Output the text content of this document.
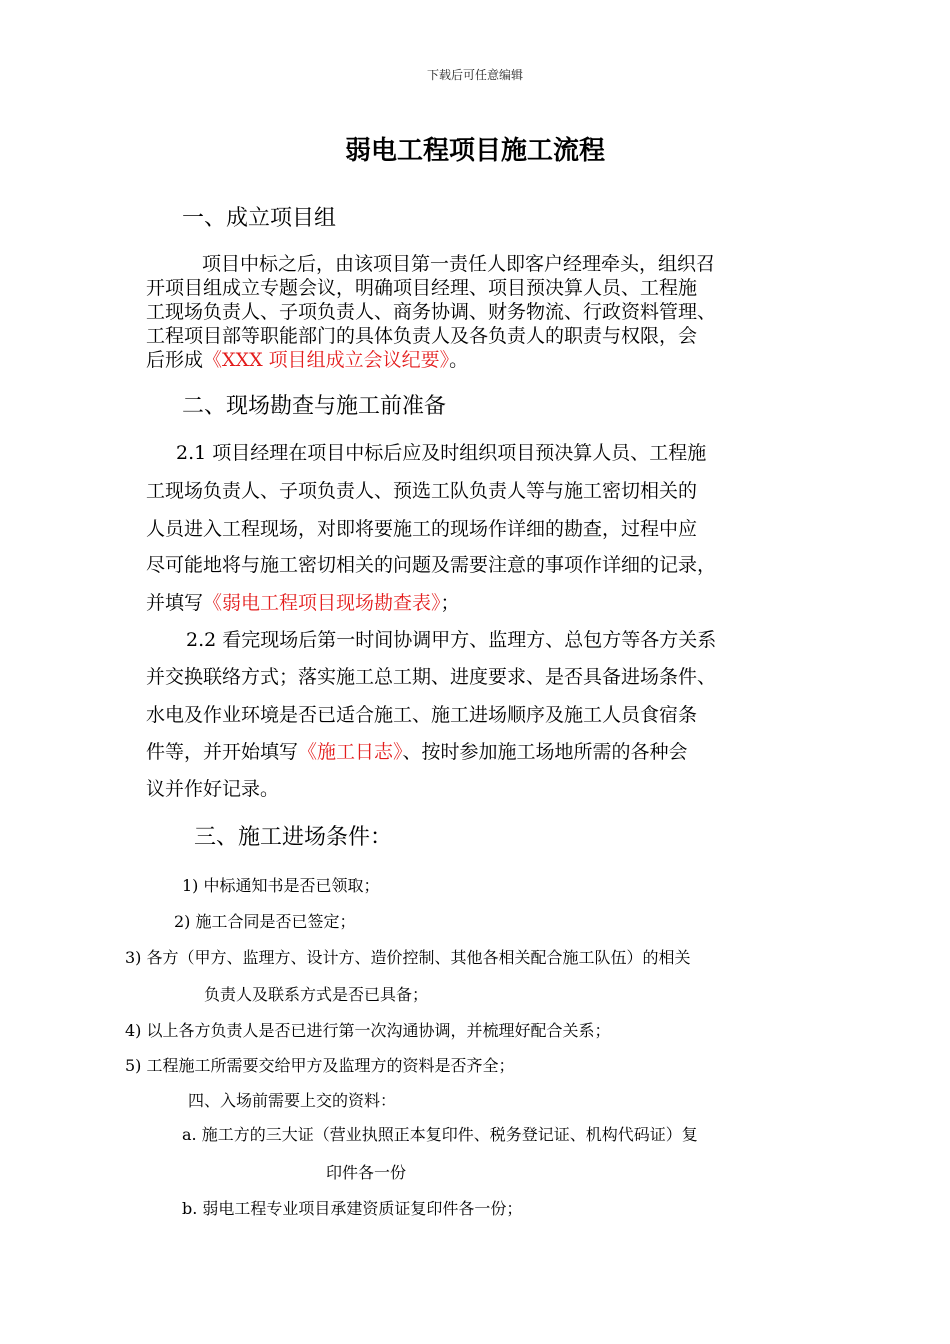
下载后可任意编辑
弱电工程项目施工流程
一、成立项目组
项目中标之后，由该项目第一责任人即客户经理牵头，组织召
开项目组成立专题会议，明确项目经理、项目预决算人员、工程施
工现场负责人、子项负责人、商务协调、财务物流、行政资料管理、
工程项目部等职能部门的具体负责人及各负责人的职责与权限，会
后形成《XXX 项目组成立会议纪要》。
二、现场勘查与施工前准备
2.1 项目经理在项目中标后应及时组织项目预决算人员、工程施
工现场负责人、子项负责人、预选工队负责人等与施工密切相关的
人员进入工程现场，对即将要施工的现场作详细的勘查，过程中应
尽可能地将与施工密切相关的问题及需要注意的事项作详细的记录，
并填写《弱电工程项目现场勘查表》；
2.2 看完现场后第一时间协调甲方、监理方、总包方等各方关系
并交换联络方式；落实施工总工期、进度要求、是否具备进场条件、
水电及作业环境是否已适合施工、施工进场顺序及施工人员食宿条
件等，并开始填写《施工日志》、按时参加施工场地所需的各种会
议并作好记录。
三、施工进场条件：
1) 中标通知书是否已领取；
2) 施工合同是否已签定；
3) 各方（甲方、监理方、设计方、造价控制、其他各相关配合施工队伍）的相关
负责人及联系方式是否已具备；
4) 以上各方负责人是否已进行第一次沟通协调，并梳理好配合关系；
5) 工程施工所需要交给甲方及监理方的资料是否齐全；
四、入场前需要上交的资料：
a. 施工方的三大证（营业执照正本复印件、税务登记证、机构代码证）复
印件各一份
b. 弱电工程专业项目承建资质证复印件各一份；
